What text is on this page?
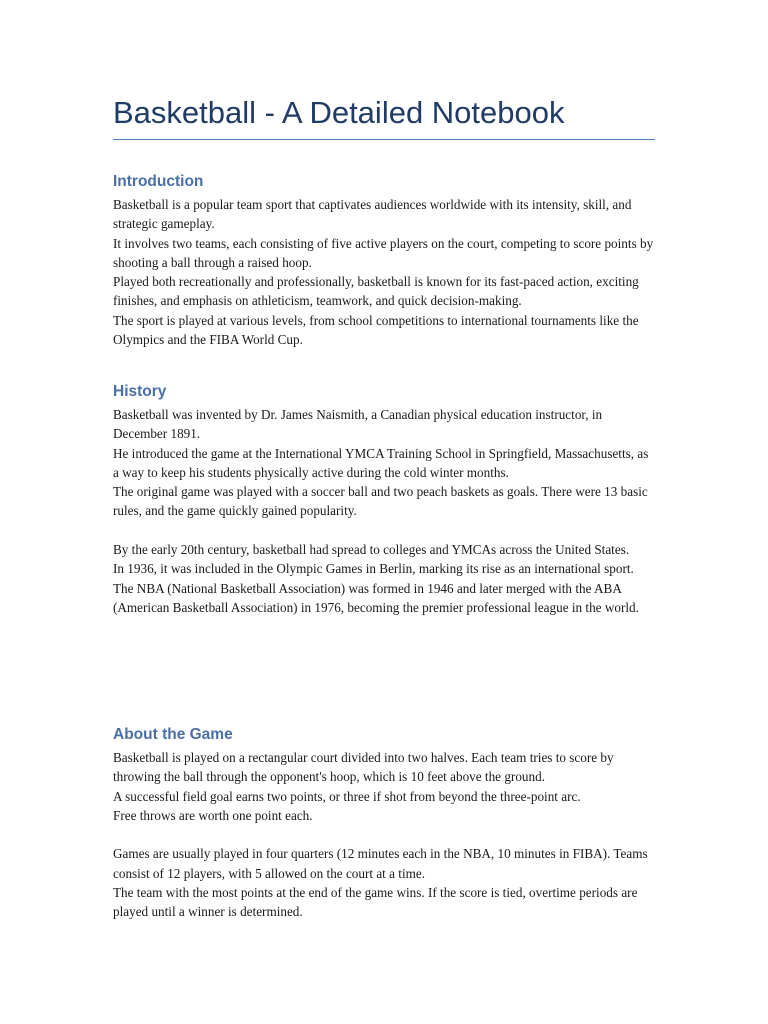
Basketball - A Detailed Notebook
Introduction

Basketball is a popular team sport that captivates audiences worldwide with its intensity, skill, and strategic gameplay.

It involves two teams, each consisting of five active players on the court, competing to score points by shooting a ball through a raised hoop.

Played both recreationally and professionally, basketball is known for its fast-paced action, exciting finishes, and emphasis on athleticism, teamwork, and quick decision-making.

The sport is played at various levels, from school competitions to international tournaments like the Olympics and the FIBA World Cup.

History

Basketball was invented by Dr. James Naismith, a Canadian physical education instructor, in December 1891.

He introduced the game at the International YMCA Training School in Springfield, Massachusetts, as a way to keep his students physically active during the cold winter months.

The original game was played with a soccer ball and two peach baskets as goals. There were 13 basic rules, and the game quickly gained popularity.

By the early 20th century, basketball had spread to colleges and YMCAs across the United States.

In 1936, it was included in the Olympic Games in Berlin, marking its rise as an international sport.

The NBA (National Basketball Association) was formed in 1946 and later merged with the ABA (American Basketball Association) in 1976, becoming the premier professional league in the world.

About the Game

Basketball is played on a rectangular court divided into two halves. Each team tries to score by throwing the ball through the opponent's hoop, which is 10 feet above the ground.

A successful field goal earns two points, or three if shot from beyond the three-point arc.

Free throws are worth one point each.

Games are usually played in four quarters (12 minutes each in the NBA, 10 minutes in FIBA). Teams consist of 12 players, with 5 allowed on the court at a time.

The team with the most points at the end of the game wins. If the score is tied, overtime periods are played until a winner is determined.
